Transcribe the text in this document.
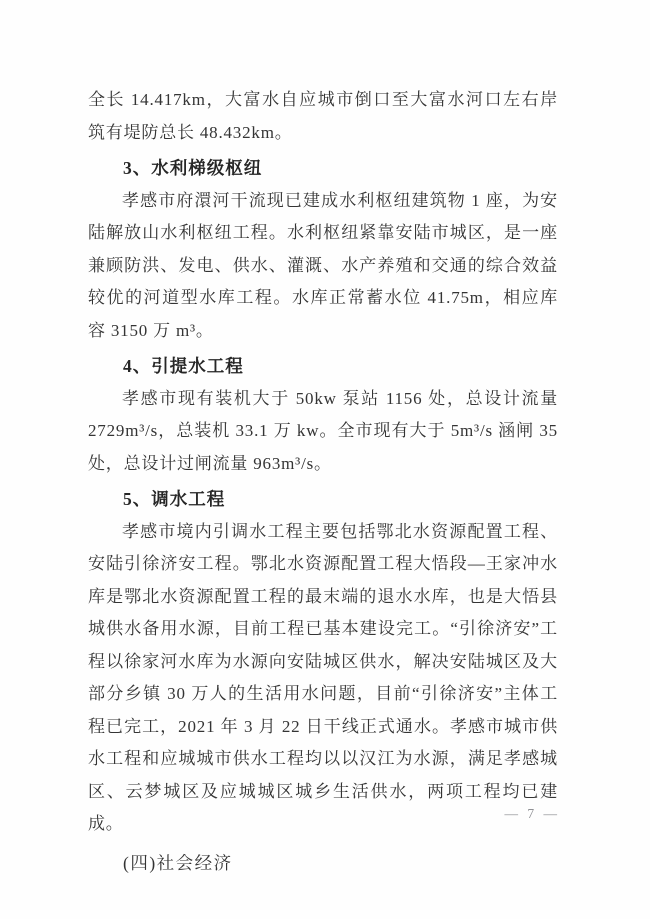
全长 14.417km，大富水自应城市倒口至大富水河口左右岸筑有堤防总长 48.432km。

3、水利梯级枢纽

孝感市府澴河干流现已建成水利枢纽建筑物 1 座，为安陆解放山水利枢纽工程。水利枢纽紧靠安陆市城区，是一座兼顾防洪、发电、供水、灌溉、水产养殖和交通的综合效益较优的河道型水库工程。水库正常蓄水位 41.75m，相应库容 3150 万 m³。

4、引提水工程

孝感市现有装机大于 50kw 泵站 1156 处，总设计流量 2729m³/s，总装机 33.1 万 kw。全市现有大于 5m³/s 涵闸 35 处，总设计过闸流量 963m³/s。

5、调水工程

孝感市境内引调水工程主要包括鄂北水资源配置工程、安陆引徐济安工程。鄂北水资源配置工程大悟段—王家冲水库是鄂北水资源配置工程的最末端的退水水库，也是大悟县城供水备用水源，目前工程已基本建设完工。“引徐济安”工程以徐家河水库为水源向安陆城区供水，解决安陆城区及大部分乡镇 30 万人的生活用水问题，目前“引徐济安”主体工程已完工，2021 年 3 月 22 日干线正式通水。孝感市城市供水工程和应城城市供水工程均以以汉江为水源，满足孝感城区、云梦城区及应城城区城乡生活供水，两项工程均已建成。

(四)社会经济

— 7 —
